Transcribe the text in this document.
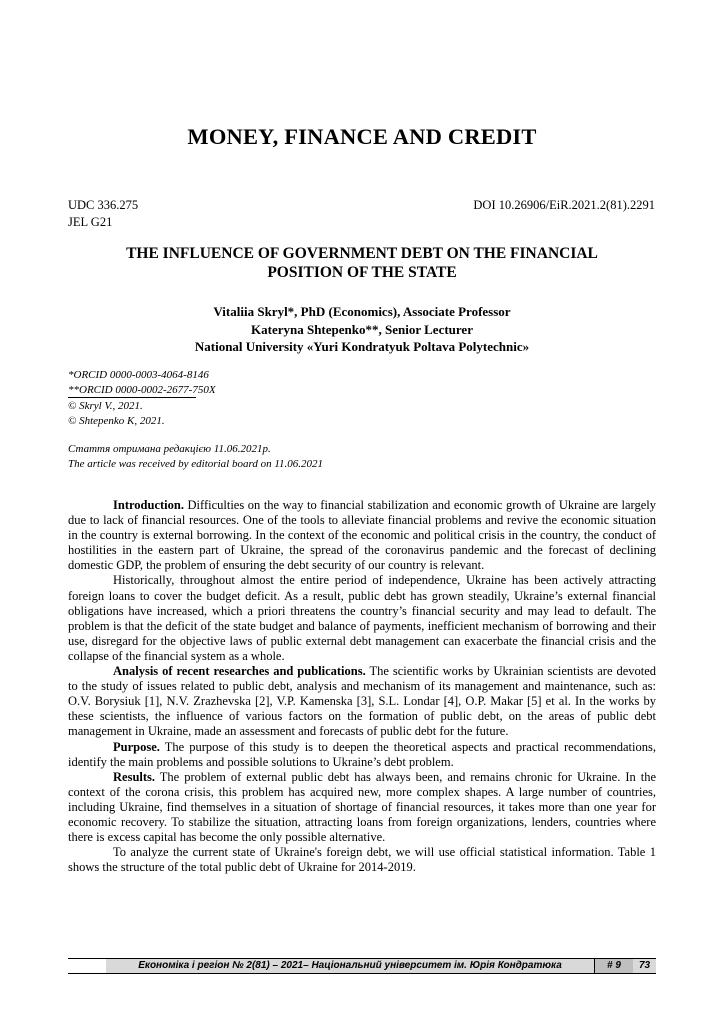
MONEY, FINANCE AND CREDIT
UDC 336.275
JEL G21
DOI 10.26906/EiR.2021.2(81).2291
THE INFLUENCE OF GOVERNMENT DEBT ON THE FINANCIAL
POSITION OF THE STATE
Vitaliia Skryl*, PhD (Economics), Associate Professor
Kateryna Shtepenko**, Senior Lecturer
National University «Yuri Kondratyuk Poltava Polytechnic»
*ORCID 0000-0003-4064-8146
**ORCID 0000-0002-2677-750X
© Skryl V., 2021.
© Shtepenko K, 2021.
Стаття отримана редакцією 11.06.2021р.
The article was received by editorial board on 11.06.2021

Introduction. Difficulties on the way to financial stabilization and economic growth of Ukraine are largely due to lack of financial resources. One of the tools to alleviate financial problems and revive the economic situation in the country is external borrowing. In the context of the economic and political crisis in the country, the conduct of hostilities in the eastern part of Ukraine, the spread of the coronavirus pandemic and the forecast of declining domestic GDP, the problem of ensuring the debt security of our country is relevant.

Historically, throughout almost the entire period of independence, Ukraine has been actively attracting foreign loans to cover the budget deficit. As a result, public debt has grown steadily, Ukraine’s external financial obligations have increased, which a priori threatens the country’s financial security and may lead to default. The problem is that the deficit of the state budget and balance of payments, inefficient mechanism of borrowing and their use, disregard for the objective laws of public external debt management can exacerbate the financial crisis and the collapse of the financial system as a whole.

Analysis of recent researches and publications. The scientific works by Ukrainian scientists are devoted to the study of issues related to public debt, analysis and mechanism of its management and maintenance, such as: O.V. Borysiuk [1], N.V. Zrazhevska [2], V.P. Kamenska [3], S.L. Londar [4], O.P. Makar [5] et al. In the works by these scientists, the influence of various factors on the formation of public debt, on the areas of public debt management in Ukraine, made an assessment and forecasts of public debt for the future.

Purpose. The purpose of this study is to deepen the theoretical aspects and practical recommendations, identify the main problems and possible solutions to Ukraine’s debt problem.

Results. The problem of external public debt has always been, and remains chronic for Ukraine. In the context of the corona crisis, this problem has acquired new, more complex shapes. A large number of countries, including Ukraine, find themselves in a situation of shortage of financial resources, it takes more than one year for economic recovery. To stabilize the situation, attracting loans from foreign organizations, lenders, countries where there is excess capital has become the only possible alternative.

To analyze the current state of Ukraine's foreign debt, we will use official statistical information. Table 1 shows the structure of the total public debt of Ukraine for 2014-2019.

Економіка і регіон № 2(81) – 2021– Національний університет ім. Юрія Кондратюка	# 9	73
